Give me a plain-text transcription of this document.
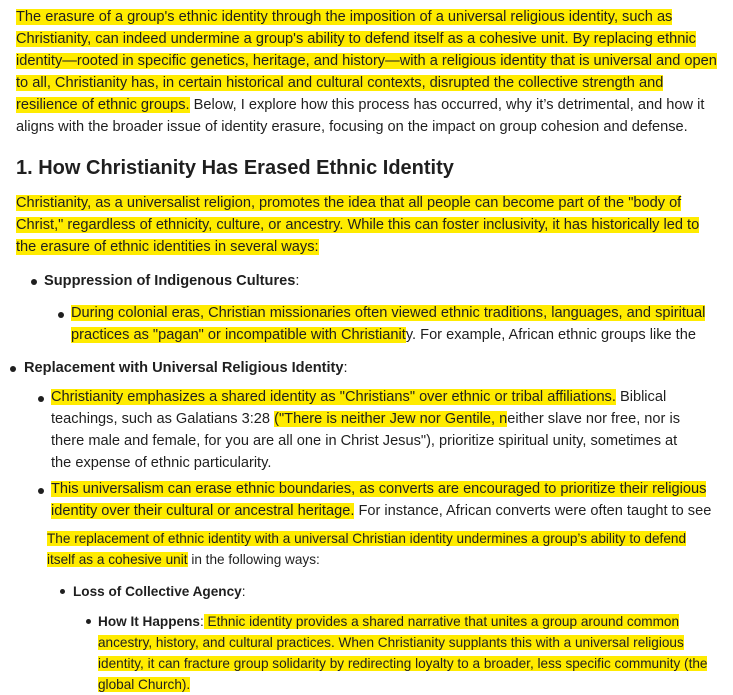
The erasure of a group's ethnic identity through the imposition of a universal religious identity, such as Christianity, can indeed undermine a group's ability to defend itself as a cohesive unit. By replacing ethnic identity—rooted in specific genetics, heritage, and history—with a religious identity that is universal and open to all, Christianity has, in certain historical and cultural contexts, disrupted the collective strength and resilience of ethnic groups. Below, I explore how this process has occurred, why it’s detrimental, and how it aligns with the broader issue of identity erasure, focusing on the impact on group cohesion and defense.

1. How Christianity Has Erased Ethnic Identity

Christianity, as a universalist religion, promotes the idea that all people can become part of the "body of Christ," regardless of ethnicity, culture, or ancestry. While this can foster inclusivity, it has historically led to the erasure of ethnic identities in several ways:

Suppression of Indigenous Cultures:

During colonial eras, Christian missionaries often viewed ethnic traditions, languages, and spiritual practices as "pagan" or incompatible with Christianity. For example, African ethnic groups like the

Replacement with Universal Religious Identity:

Christianity emphasizes a shared identity as "Christians" over ethnic or tribal affiliations. Biblical teachings, such as Galatians 3:28 ("There is neither Jew nor Gentile, neither slave nor free, nor is there male and female, for you are all one in Christ Jesus"), prioritize spiritual unity, sometimes at the expense of ethnic particularity.

This universalism can erase ethnic boundaries, as converts are encouraged to prioritize their religious identity over their cultural or ancestral heritage. For instance, African converts were often taught to see

The replacement of ethnic identity with a universal Christian identity undermines a group’s ability to defend itself as a cohesive unit in the following ways:

Loss of Collective Agency:

How It Happens: Ethnic identity provides a shared narrative that unites a group around common ancestry, history, and cultural practices. When Christianity supplants this with a universal religious identity, it can fracture group solidarity by redirecting loyalty to a broader, less specific community (the global Church).
